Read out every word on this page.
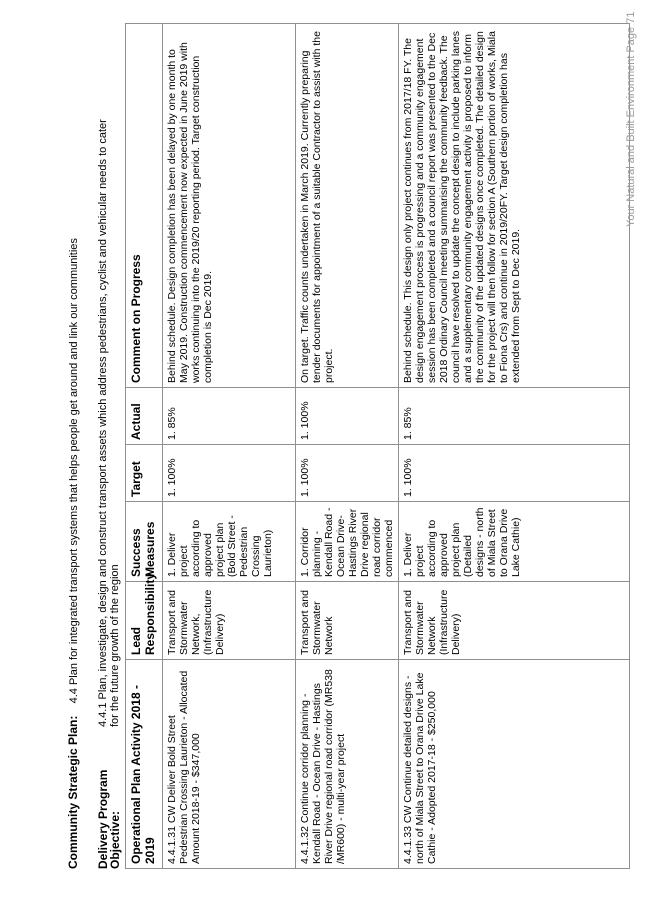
Community Strategic Plan:    4.4 Plan for integrated transport systems that helps people get around and link our communities
Delivery Program Objective:
4.4.1 Plan, investigate, design and construct transport assets which address pedestrians, cyclist and vehicular needs to cater for the future growth of the region
Operational Plan Activity 2018 - 2019	Lead Responsibility	Success Measures	Target	Actual	Comment on Progress
4.4.1.31 CW Deliver Bold Street Pedestrian Crossing Laurieton - Allocated Amount 2018-19 - $347,000	Transport and Stormwater Network, (Infrastructure Delivery)	1. Deliver project according to approved project plan (Bold Street - Pedestrian Crossing Laurieton)	1. 100%	1. 85%	Behind schedule. Design completion has been delayed by one month to May 2019. Construction commencement now expected in June 2019 with works continuing into the 2019/20 reporting period. Target construction completion is Dec 2019.
4.4.1.32 Continue corridor planning - Kendall Road - Ocean Drive - Hastings River Drive regional road corridor (MR538 /MR600) - multi-year project	Transport and Stormwater Network	1. Corridor planning - Kendall Road - Ocean Drive- Hastings River Drive regional road corridor commenced	1. 100%	1. 100%	On target. Traffic counts undertaken in March 2019. Currently preparing tender documents for appointment of a suitable Contractor to assist with the project.
4.4.1.33 CW Continue detailed designs - north of Miala Street to Orana Drive Lake Cathie - Adopted 2017-18 - $250,000	Transport and Stormwater Network (Infrastructure Delivery)	1. Deliver project according to approved project plan (Detailed designs - north of Miala Street to Orana Drive Lake Cathie)	1. 100%	1. 85%	Behind schedule. This design only project continues from 2017/18 FY. The design engagement process is progressing and a community engagement session has been completed and a council report was presented to the Dec 2018 Ordinary Council meeting summarising the community feedback. The council have resolved to update the concept design to include parking lanes and a supplementary community engagement activity is proposed to inform the community of the updated designs once completed. The detailed design for the project will then follow for section A (Southern portion of works, Miala to Fiona Crs) and continue in 2019/20FY. Target design completion has extended from Sept to Dec 2019.
Your Natural and Built Environment Page 71
